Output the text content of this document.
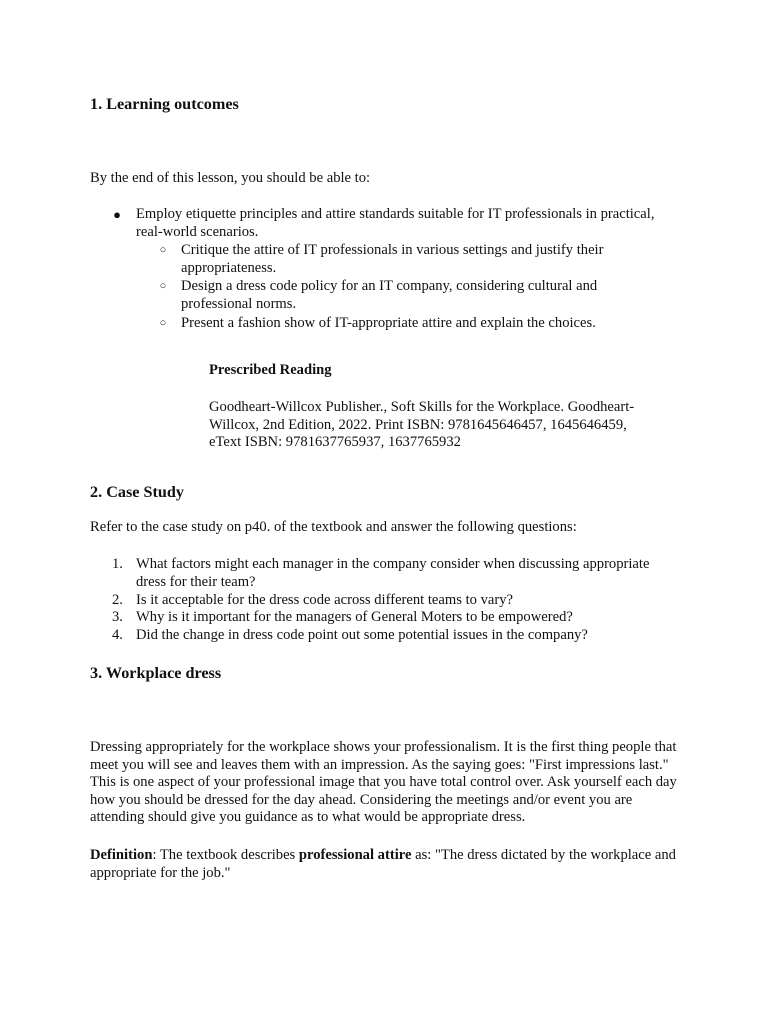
1. Learning outcomes

By the end of this lesson, you should be able to:

● Employ etiquette principles and attire standards suitable for IT professionals in practical, real-world scenarios.

○ Critique the attire of IT professionals in various settings and justify their appropriateness.

○ Design a dress code policy for an IT company, considering cultural and professional norms.

○ Present a fashion show of IT-appropriate attire and explain the choices.

Prescribed Reading

Goodheart-Willcox Publisher., Soft Skills for the Workplace. Goodheart-Willcox, 2nd Edition, 2022. Print ISBN: 9781645646457, 1645646459, eText ISBN: 9781637765937, 1637765932

2. Case Study

Refer to the case study on p40. of the textbook and answer the following questions:

1. What factors might each manager in the company consider when discussing appropriate dress for their team?

2. Is it acceptable for the dress code across different teams to vary?

3. Why is it important for the managers of General Moters to be empowered?

4. Did the change in dress code point out some potential issues in the company?

3. Workplace dress

Dressing appropriately for the workplace shows your professionalism. It is the first thing people that meet you will see and leaves them with an impression. As the saying goes: "First impressions last." This is one aspect of your professional image that you have total control over. Ask yourself each day how you should be dressed for the day ahead. Considering the meetings and/or event you are attending should give you guidance as to what would be appropriate dress.

Definition: The textbook describes professional attire as: "The dress dictated by the workplace and appropriate for the job."
